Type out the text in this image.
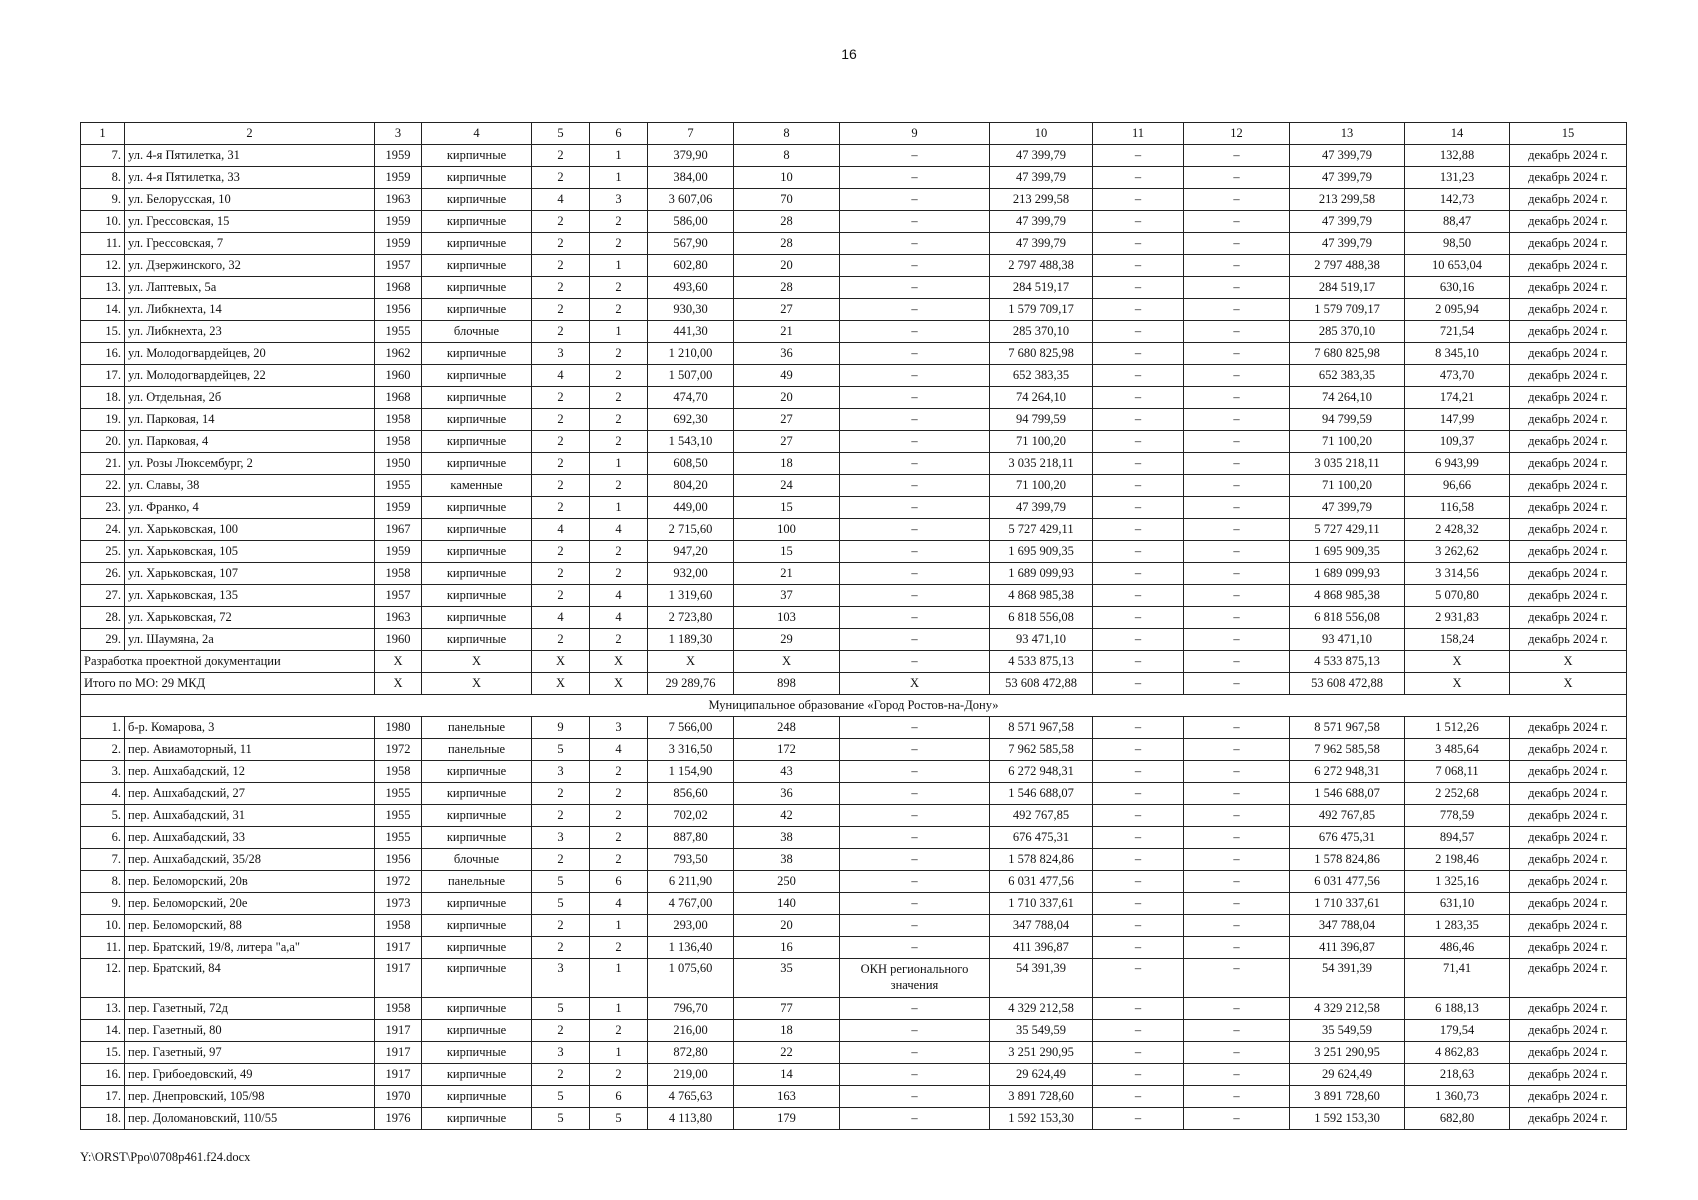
16
1	2	3	4	5	6	7	8	9	10	11	12	13	14	15
7.	ул. 4-я Пятилетка, 31	1959	кирпичные	2	1	379,90	8	–	47 399,79	–	–	47 399,79	132,88	декабрь 2024 г.
8.	ул. 4-я Пятилетка, 33	1959	кирпичные	2	1	384,00	10	–	47 399,79	–	–	47 399,79	131,23	декабрь 2024 г.
9.	ул. Белорусская, 10	1963	кирпичные	4	3	3 607,06	70	–	213 299,58	–	–	213 299,58	142,73	декабрь 2024 г.
10.	ул. Грессовская, 15	1959	кирпичные	2	2	586,00	28	–	47 399,79	–	–	47 399,79	88,47	декабрь 2024 г.
11.	ул. Грессовская, 7	1959	кирпичные	2	2	567,90	28	–	47 399,79	–	–	47 399,79	98,50	декабрь 2024 г.
12.	ул. Дзержинского, 32	1957	кирпичные	2	1	602,80	20	–	2 797 488,38	–	–	2 797 488,38	10 653,04	декабрь 2024 г.
13.	ул. Лаптевых, 5а	1968	кирпичные	2	2	493,60	28	–	284 519,17	–	–	284 519,17	630,16	декабрь 2024 г.
14.	ул. Либкнехта, 14	1956	кирпичные	2	2	930,30	27	–	1 579 709,17	–	–	1 579 709,17	2 095,94	декабрь 2024 г.
15.	ул. Либкнехта, 23	1955	блочные	2	1	441,30	21	–	285 370,10	–	–	285 370,10	721,54	декабрь 2024 г.
16.	ул. Молодогвардейцев, 20	1962	кирпичные	3	2	1 210,00	36	–	7 680 825,98	–	–	7 680 825,98	8 345,10	декабрь 2024 г.
17.	ул. Молодогвардейцев, 22	1960	кирпичные	4	2	1 507,00	49	–	652 383,35	–	–	652 383,35	473,70	декабрь 2024 г.
18.	ул. Отдельная, 2б	1968	кирпичные	2	2	474,70	20	–	74 264,10	–	–	74 264,10	174,21	декабрь 2024 г.
19.	ул. Парковая, 14	1958	кирпичные	2	2	692,30	27	–	94 799,59	–	–	94 799,59	147,99	декабрь 2024 г.
20.	ул. Парковая, 4	1958	кирпичные	2	2	1 543,10	27	–	71 100,20	–	–	71 100,20	109,37	декабрь 2024 г.
21.	ул. Розы Люксембург, 2	1950	кирпичные	2	1	608,50	18	–	3 035 218,11	–	–	3 035 218,11	6 943,99	декабрь 2024 г.
22.	ул. Славы, 38	1955	каменные	2	2	804,20	24	–	71 100,20	–	–	71 100,20	96,66	декабрь 2024 г.
23.	ул. Франко, 4	1959	кирпичные	2	1	449,00	15	–	47 399,79	–	–	47 399,79	116,58	декабрь 2024 г.
24.	ул. Харьковская, 100	1967	кирпичные	4	4	2 715,60	100	–	5 727 429,11	–	–	5 727 429,11	2 428,32	декабрь 2024 г.
25.	ул. Харьковская, 105	1959	кирпичные	2	2	947,20	15	–	1 695 909,35	–	–	1 695 909,35	3 262,62	декабрь 2024 г.
26.	ул. Харьковская, 107	1958	кирпичные	2	2	932,00	21	–	1 689 099,93	–	–	1 689 099,93	3 314,56	декабрь 2024 г.
27.	ул. Харьковская, 135	1957	кирпичные	2	4	1 319,60	37	–	4 868 985,38	–	–	4 868 985,38	5 070,80	декабрь 2024 г.
28.	ул. Харьковская, 72	1963	кирпичные	4	4	2 723,80	103	–	6 818 556,08	–	–	6 818 556,08	2 931,83	декабрь 2024 г.
29.	ул. Шаумяна, 2а	1960	кирпичные	2	2	1 189,30	29	–	93 471,10	–	–	93 471,10	158,24	декабрь 2024 г.
Разработка проектной документации		X	X	X	X	X	X	–	4 533 875,13	–	–	4 533 875,13	X	X
Итого по МО: 29 МКД		X	X	X	X	29 289,76	898	X	53 608 472,88	–	–	53 608 472,88	X	X
Муниципальное образование «Город Ростов-на-Дону»														
1.	б-р. Комарова, 3	1980	панельные	9	3	7 566,00	248	–	8 571 967,58	–	–	8 571 967,58	1 512,26	декабрь 2024 г.
2.	пер. Авиамоторный, 11	1972	панельные	5	4	3 316,50	172	–	7 962 585,58	–	–	7 962 585,58	3 485,64	декабрь 2024 г.
3.	пер. Ашхабадский, 12	1958	кирпичные	3	2	1 154,90	43	–	6 272 948,31	–	–	6 272 948,31	7 068,11	декабрь 2024 г.
4.	пер. Ашхабадский, 27	1955	кирпичные	2	2	856,60	36	–	1 546 688,07	–	–	1 546 688,07	2 252,68	декабрь 2024 г.
5.	пер. Ашхабадский, 31	1955	кирпичные	2	2	702,02	42	–	492 767,85	–	–	492 767,85	778,59	декабрь 2024 г.
6.	пер. Ашхабадский, 33	1955	кирпичные	3	2	887,80	38	–	676 475,31	–	–	676 475,31	894,57	декабрь 2024 г.
7.	пер. Ашхабадский, 35/28	1956	блочные	2	2	793,50	38	–	1 578 824,86	–	–	1 578 824,86	2 198,46	декабрь 2024 г.
8.	пер. Беломорский, 20в	1972	панельные	5	6	6 211,90	250	–	6 031 477,56	–	–	6 031 477,56	1 325,16	декабрь 2024 г.
9.	пер. Беломорский, 20е	1973	кирпичные	5	4	4 767,00	140	–	1 710 337,61	–	–	1 710 337,61	631,10	декабрь 2024 г.
10.	пер. Беломорский, 88	1958	кирпичные	2	1	293,00	20	–	347 788,04	–	–	347 788,04	1 283,35	декабрь 2024 г.
11.	пер. Братский, 19/8, литера "а,а"	1917	кирпичные	2	2	1 136,40	16	–	411 396,87	–	–	411 396,87	486,46	декабрь 2024 г.
12.	пер. Братский, 84	1917	кирпичные	3	1	1 075,60	35	ОКН регионального значения	54 391,39	–	–	54 391,39	71,41	декабрь 2024 г.
13.	пер. Газетный, 72д	1958	кирпичные	5	1	796,70	77	–	4 329 212,58	–	–	4 329 212,58	6 188,13	декабрь 2024 г.
14.	пер. Газетный, 80	1917	кирпичные	2	2	216,00	18	–	35 549,59	–	–	35 549,59	179,54	декабрь 2024 г.
15.	пер. Газетный, 97	1917	кирпичные	3	1	872,80	22	–	3 251 290,95	–	–	3 251 290,95	4 862,83	декабрь 2024 г.
16.	пер. Грибоедовский, 49	1917	кирпичные	2	2	219,00	14	–	29 624,49	–	–	29 624,49	218,63	декабрь 2024 г.
17.	пер. Днепровский, 105/98	1970	кирпичные	5	6	4 765,63	163	–	3 891 728,60	–	–	3 891 728,60	1 360,73	декабрь 2024 г.
18.	пер. Доломановский, 110/55	1976	кирпичные	5	5	4 113,80	179	–	1 592 153,30	–	–	1 592 153,30	682,80	декабрь 2024 г.
Y:\ORST\Ppo\0708p461.f24.docx
